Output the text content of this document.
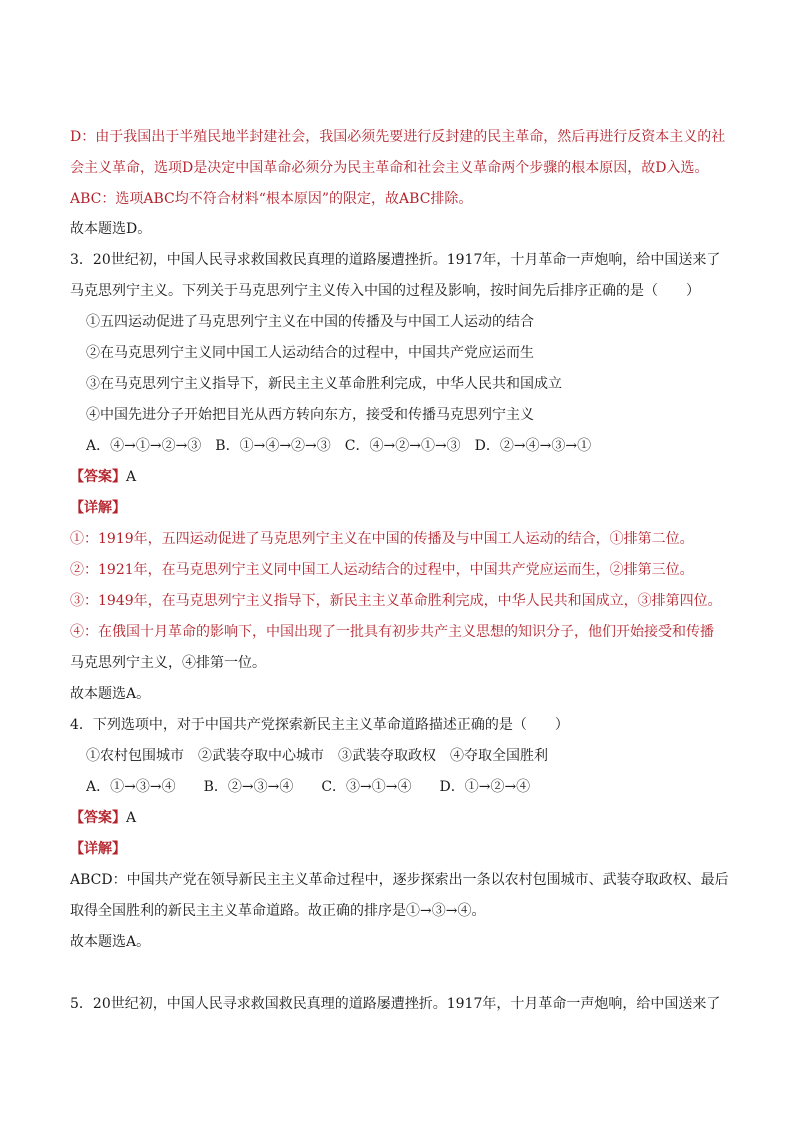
D：由于我国出于半殖民地半封建社会，我国必须先要进行反封建的民主革命，然后再进行反资本主义的社
会主义革命，选项D是决定中国革命必须分为民主革命和社会主义革命两个步骤的根本原因，故D入选。
ABC：选项ABC均不符合材料“根本原因”的限定，故ABC排除。
故本题选D。
3．20世纪初，中国人民寻求救国救民真理的道路屡遭挫折。1917年，十月革命一声炮响，给中国送来了
马克思列宁主义。下列关于马克思列宁主义传入中国的过程及影响，按时间先后排序正确的是（　　）
①五四运动促进了马克思列宁主义在中国的传播及与中国工人运动的结合
②在马克思列宁主义同中国工人运动结合的过程中，中国共产党应运而生
③在马克思列宁主义指导下，新民主主义革命胜利完成，中华人民共和国成立
④中国先进分子开始把目光从西方转向东方，接受和传播马克思列宁主义
A．④→①→②→③　B．①→④→②→③　C．④→②→①→③　D．②→④→③→①
【答案】A
【详解】
①：1919年，五四运动促进了马克思列宁主义在中国的传播及与中国工人运动的结合，①排第二位。
②：1921年，在马克思列宁主义同中国工人运动结合的过程中，中国共产党应运而生，②排第三位。
③：1949年，在马克思列宁主义指导下，新民主主义革命胜利完成，中华人民共和国成立，③排第四位。
④：在俄国十月革命的影响下，中国出现了一批具有初步共产主义思想的知识分子，他们开始接受和传播
马克思列宁主义，④排第一位。
故本题选A。
4．下列选项中，对于中国共产党探索新民主主义革命道路描述正确的是（　　）
①农村包围城市　②武装夺取中心城市　③武装夺取政权　④夺取全国胜利
A．①→③→④　　B．②→③→④　　C．③→①→④　　D．①→②→④
【答案】A
【详解】
ABCD：中国共产党在领导新民主主义革命过程中，逐步探索出一条以农村包围城市、武装夺取政权、最后
取得全国胜利的新民主主义革命道路。故正确的排序是①→③→④。
故本题选A。
5．20世纪初，中国人民寻求救国救民真理的道路屡遭挫折。1917年，十月革命一声炮响，给中国送来了
